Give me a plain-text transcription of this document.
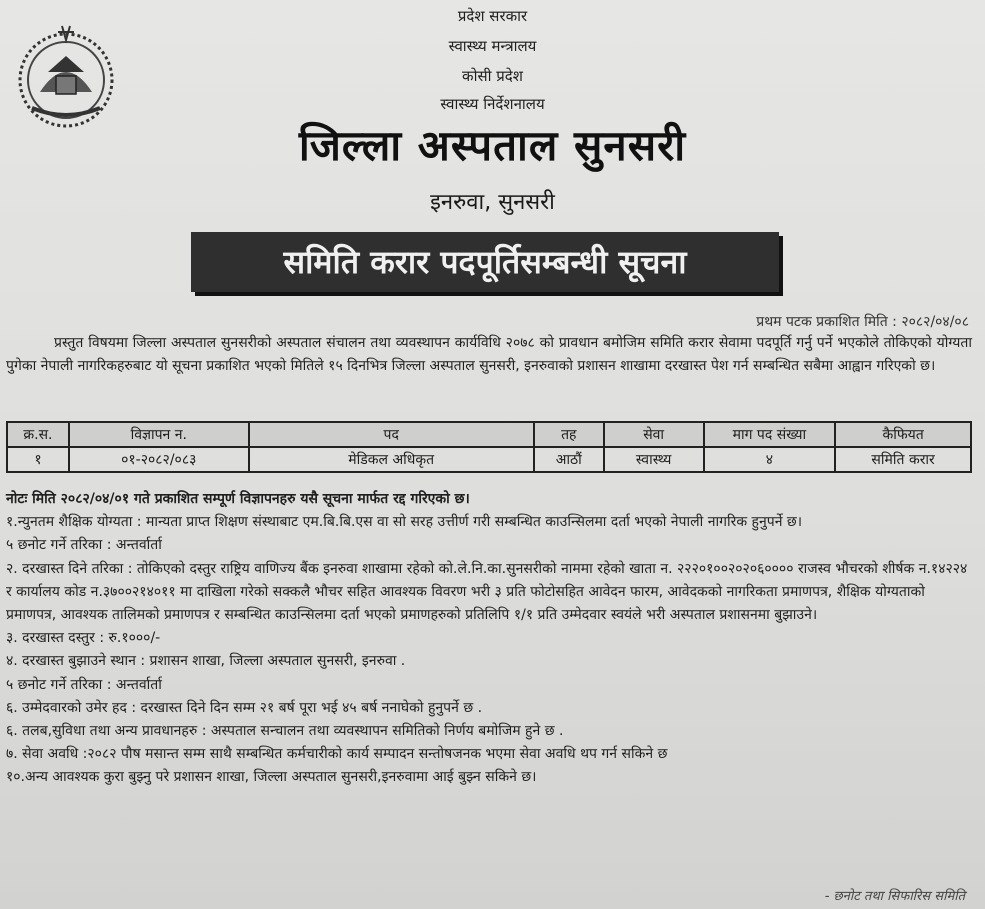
प्रदेश सरकार
स्वास्थ्य मन्त्रालय
कोसी प्रदेश
स्वास्थ्य निर्देशनालय
जिल्ला अस्पताल सुनसरी
इनरुवा, सुनसरी
समिति करार पदपूर्तिसम्बन्धी सूचना
प्रथम पटक प्रकाशित मिति : २०८२/०४/०८
प्रस्तुत विषयमा जिल्ला अस्पताल सुनसरीको अस्पताल संचालन तथा व्यवस्थापन कार्यविधि २०७८ को प्रावधान बमोजिम समिति करार सेवामा पदपूर्ति गर्नु पर्ने भएकोले तोकिएको योग्यता पुगेका नेपाली नागरिकहरुबाट यो सूचना प्रकाशित भएको मितिले १५ दिनभित्र जिल्ला अस्पताल सुनसरी, इनरुवाको प्रशासन शाखामा दरखास्त पेश गर्न सम्बन्धित सबैमा आह्वान गरिएको छ।
क्र.स.	विज्ञापन न.	पद	तह	सेवा	माग पद संख्या	कैफियत
१	०१-२०८२/०८३	मेडिकल अधिकृत	आठौं	स्वास्थ्य	४	समिति करार

नोटः मिति २०८२/०४/०१ गते प्रकाशित सम्पूर्ण विज्ञापनहरु यसै सूचना मार्फत रद्द गरिएको छ।

१.न्युनतम शैक्षिक योग्यता : मान्यता प्राप्त शिक्षण संस्थाबाट एम.बि.बि.एस वा सो सरह उत्तीर्ण गरी सम्बन्धित काउन्सिलमा दर्ता भएको नेपाली नागरिक हुनुपर्ने छ।

५ छनोट गर्ने तरिका : अन्तर्वार्ता

२. दरखास्त दिने तरिका : तोकिएको दस्तुर राष्ट्रिय वाणिज्य बैंक इनरुवा शाखामा रहेको को.ले.नि.का.सुनसरीको नाममा रहेको खाता न. २२२०१००२०२०६०००० राजस्व भौचरको शीर्षक न.१४२२४ र कार्यालय कोड न.३७००२१४०११ मा दाखिला गरेको सक्कलै भौचर सहित आवश्यक विवरण भरी ३ प्रति फोटोसहित आवेदन फारम, आवेदकको नागरिकता प्रमाणपत्र, शैक्षिक योग्यताको प्रमाणपत्र, आवश्यक तालिमको प्रमाणपत्र र सम्बन्धित काउन्सिलमा दर्ता भएको प्रमाणहरुको प्रतिलिपि १/१ प्रति उम्मेदवार स्वयंले भरी अस्पताल प्रशासनमा बुझाउने।

३. दरखास्त दस्तुर : रु.१०००/-

४. दरखास्त बुझाउने स्थान : प्रशासन शाखा, जिल्ला अस्पताल सुनसरी, इनरुवा .

५ छनोट गर्ने तरिका : अन्तर्वार्ता

६. उम्मेदवारको उमेर हद : दरखास्त दिने दिन सम्म २१ बर्ष पूरा भई ४५ बर्ष ननाघेको हुनुपर्ने छ .

६. तलब,सुविधा तथा अन्य प्रावधानहरु : अस्पताल सन्चालन तथा व्यवस्थापन समितिको निर्णय बमोजिम हुने छ .

७. सेवा अवधि :२०८२ पौष मसान्त सम्म साथै सम्बन्धित कर्मचारीको कार्य सम्पादन सन्तोषजनक भएमा सेवा अवधि थप गर्न सकिने छ

१०.अन्य आवश्यक कुरा बुझ्नु परे प्रशासन शाखा, जिल्ला अस्पताल सुनसरी,इनरुवामा आई बुझ्न सकिने छ।

- छनोट तथा सिफारिस समिति
